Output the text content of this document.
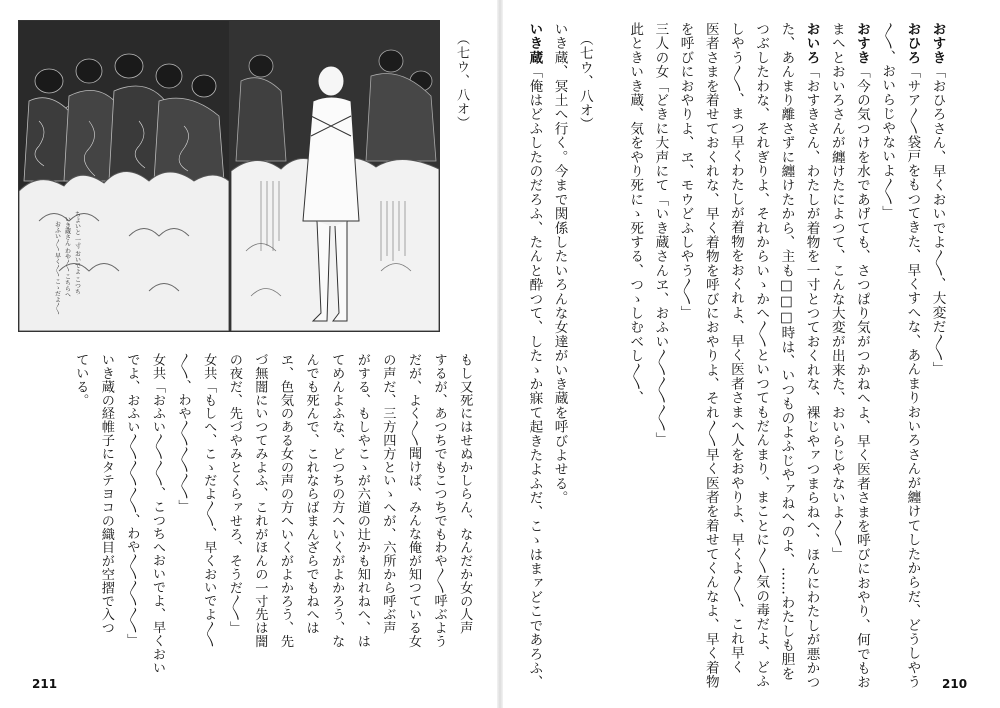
おすき「おひろさん、早くおいでよ〳〵、大変だ〳〵」
おひろ「サア〳〵袋戸をもつてきた、早くすへな、あんまりおいろさんが纏けてしたからだ、どうしやう
〳〵、おいらじやないよ〳〵」
おすき「今の気つけを水であげても、さつぱり気がつかねへよ、早く医者さまを呼びにおやり、何でもお
まへとおいろさんが纏けたによつて、こんな大変が出来た、おいらじやないよ〳〵」
おいろ「おすきさん、わたしが着物を一寸とつておくれな、裸じやァつまらねへ、ほんにわたしが悪かつ
た、あんまり離さずに纏けたから、主も□□□時は、いつものよふじやァねへのよ、……わたしも胆を
つぶしたわな、それぎりよ、それからいゝかへ〳〵といつてもだんまり、まことに〳〵気の毒だよ、どふ
しやう〳〵、まつ早くわたしが着物をおくれよ、早く医者さまへ人をおやりよ、早くよ〳〵、これ早く
医者さまを着せておくれな、早く着物を呼びにおやりよ、それ〳〵早く医者を着せてくんなよ、早く着物
を呼びにおやりよ、ヱ、モウどふしやう〳〵」
三人の女「どきに大声にて「いき蔵さんヱ、おふい〳〵〳〵〳〵」
此ときいき蔵、気をやり死にゝ死する、つゝしむべし〳〵、
（七ウ、八オ）
いき蔵、冥土へ行く。今まで関係したいろんな女達がいき蔵を呼びよせる。
いき蔵「俺はどふしたのだろふ、たんと酔つて、したゝか寐て起きたよふだ、こゝはまァどこであろふ、	210
ちよいと 一寸 おいでよ こつち
いき蔵さん わや〳〵 こちらへ
おふい〳〵 早く〳〵 こゝだよ〳〵
（七ウ、八オ）
もし又死にはせぬかしらん、なんだか女の人声
するが、あつちでもこつちでもわや〳〵呼ぶよう
だが、よく〳〵聞けば、みんな俺が知つている女
の声だ、三方四方といゝへが、六所から呼ぶ声
がする、もしやこゝが六道の辻かも知れねへ、は
てめんよふな、どつちの方へいくがよかろう、な
んでも死んで、これならばまんざらでもねへは
ヱ、色気のある女の声の方へいくがよかろう、先
づ無闇にいつてみよふ、これがほんの一寸先は闇
の夜だ、先づやみとくらァせろ、そうだ〳〵」
女共「もしへ、こゝだよ〳〵、早くおいでよ〳〵
〳〵、わや〳〵〳〵〳〵」
女共「おふい〳〵〳〵、こつちへおいでよ、早くおい
でよ、おふい〳〵〳〵〳〵、わや〳〵〳〵〳〵」
いき蔵の経帷子にタテヨコの織目が空摺で入つ
ている。
211
